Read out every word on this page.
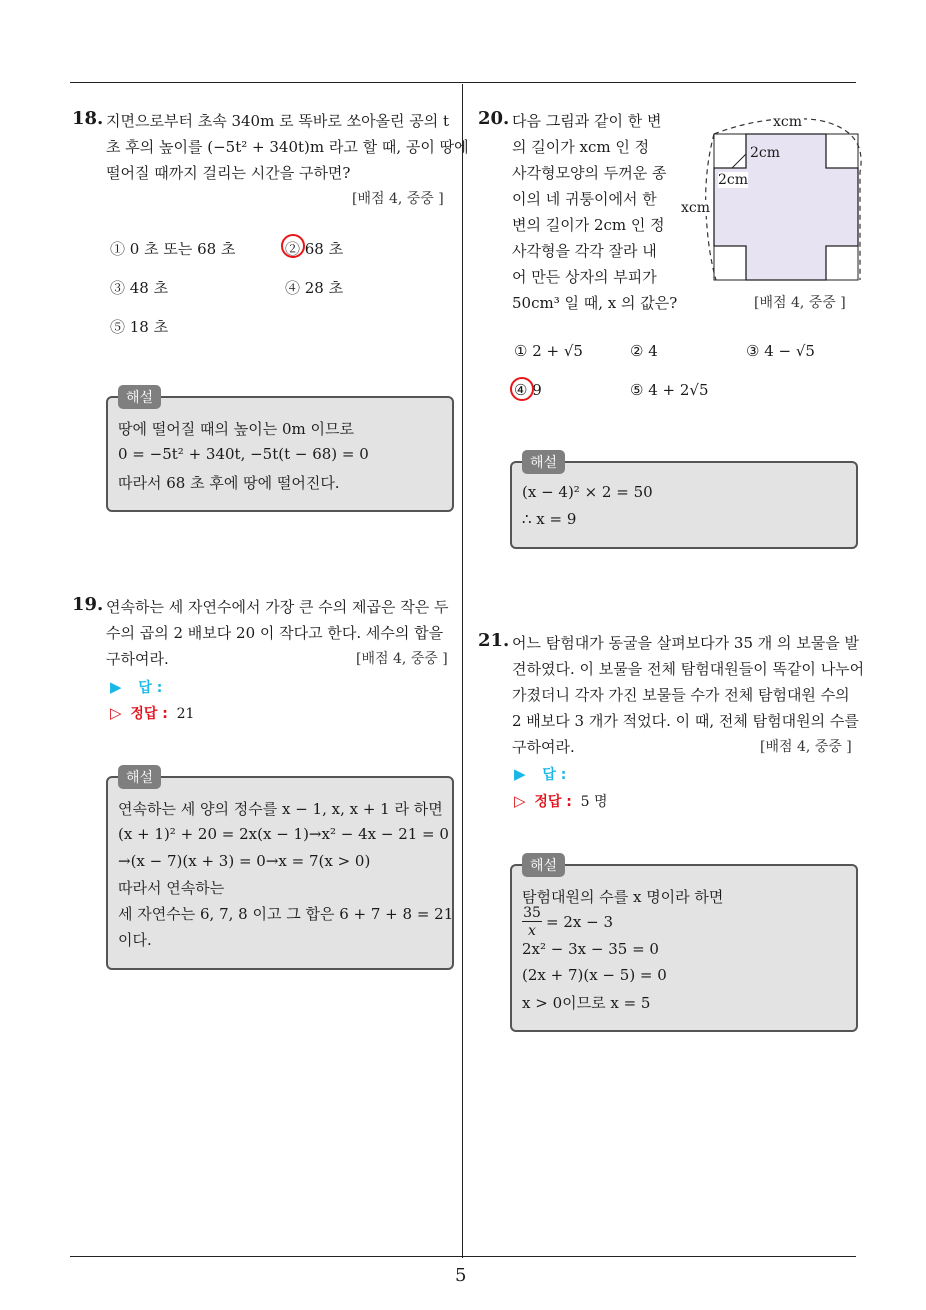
5
18. 지면으로부터 초속 340m 로 똑바로 쏘아올린 공의 t
초 후의 높이를 (−5t² + 340t)m 라고 할 때, 공이 땅에
떨어질 때까지 걸리는 시간을 구하면?
[배점 4, 중중 ]
① 0 초 또는 68 초	② 68 초
③ 48 초	④ 28 초
⑤ 18 초
해설
땅에 떨어질 때의 높이는 0m 이므로
0 = −5t² + 340t, −5t(t − 68) = 0
따라서 68 초 후에 땅에 떨어진다.
19. 연속하는 세 자연수에서 가장 큰 수의 제곱은 작은 두
수의 곱의 2 배보다 20 이 작다고 한다. 세수의 합을
구하여라.	[배점 4, 중중 ]
▶ 답 :
▷ 정답 : 21
해설
연속하는 세 양의 정수를 x − 1, x, x + 1 라 하면
(x + 1)² + 20 = 2x(x − 1)→x² − 4x − 21 = 0
→(x − 7)(x + 3) = 0→x = 7(x > 0)
따라서 연속하는
세 자연수는 6, 7, 8 이고 그 합은 6 + 7 + 8 = 21
이다.
20. 다음 그림과 같이 한 변
의 길이가 xcm 인 정
사각형모양의 두꺼운 종
이의 네 귀퉁이에서 한
변의 길이가 2cm 인 정
사각형을 각각 잘라 내
어 만든 상자의 부피가
50cm³ 일 때, x 의 값은?	[배점 4, 중중 ]
xcm
xcm
2cm
2cm
① 2 + √5	② 4	③ 4 − √5
④ 9	⑤ 4 + 2√5
해설
(x − 4)² × 2 = 50
∴ x = 9
21. 어느 탐험대가 동굴을 살펴보다가 35 개 의 보물을 발
견하였다. 이 보물을 전체 탐험대원들이 똑같이 나누어
가졌더니 각자 가진 보물들 수가 전체 탐험대원 수의
2 배보다 3 개가 적었다. 이 때, 전체 탐험대원의 수를
구하여라.	[배점 4, 중중 ]
▶ 답 :
▷ 정답 : 5 명
해설
탐험대원의 수를 x 명이라 하면
35
x = 2x − 3
2x² − 3x − 35 = 0
(2x + 7)(x − 5) = 0
x > 0이므로 x = 5
